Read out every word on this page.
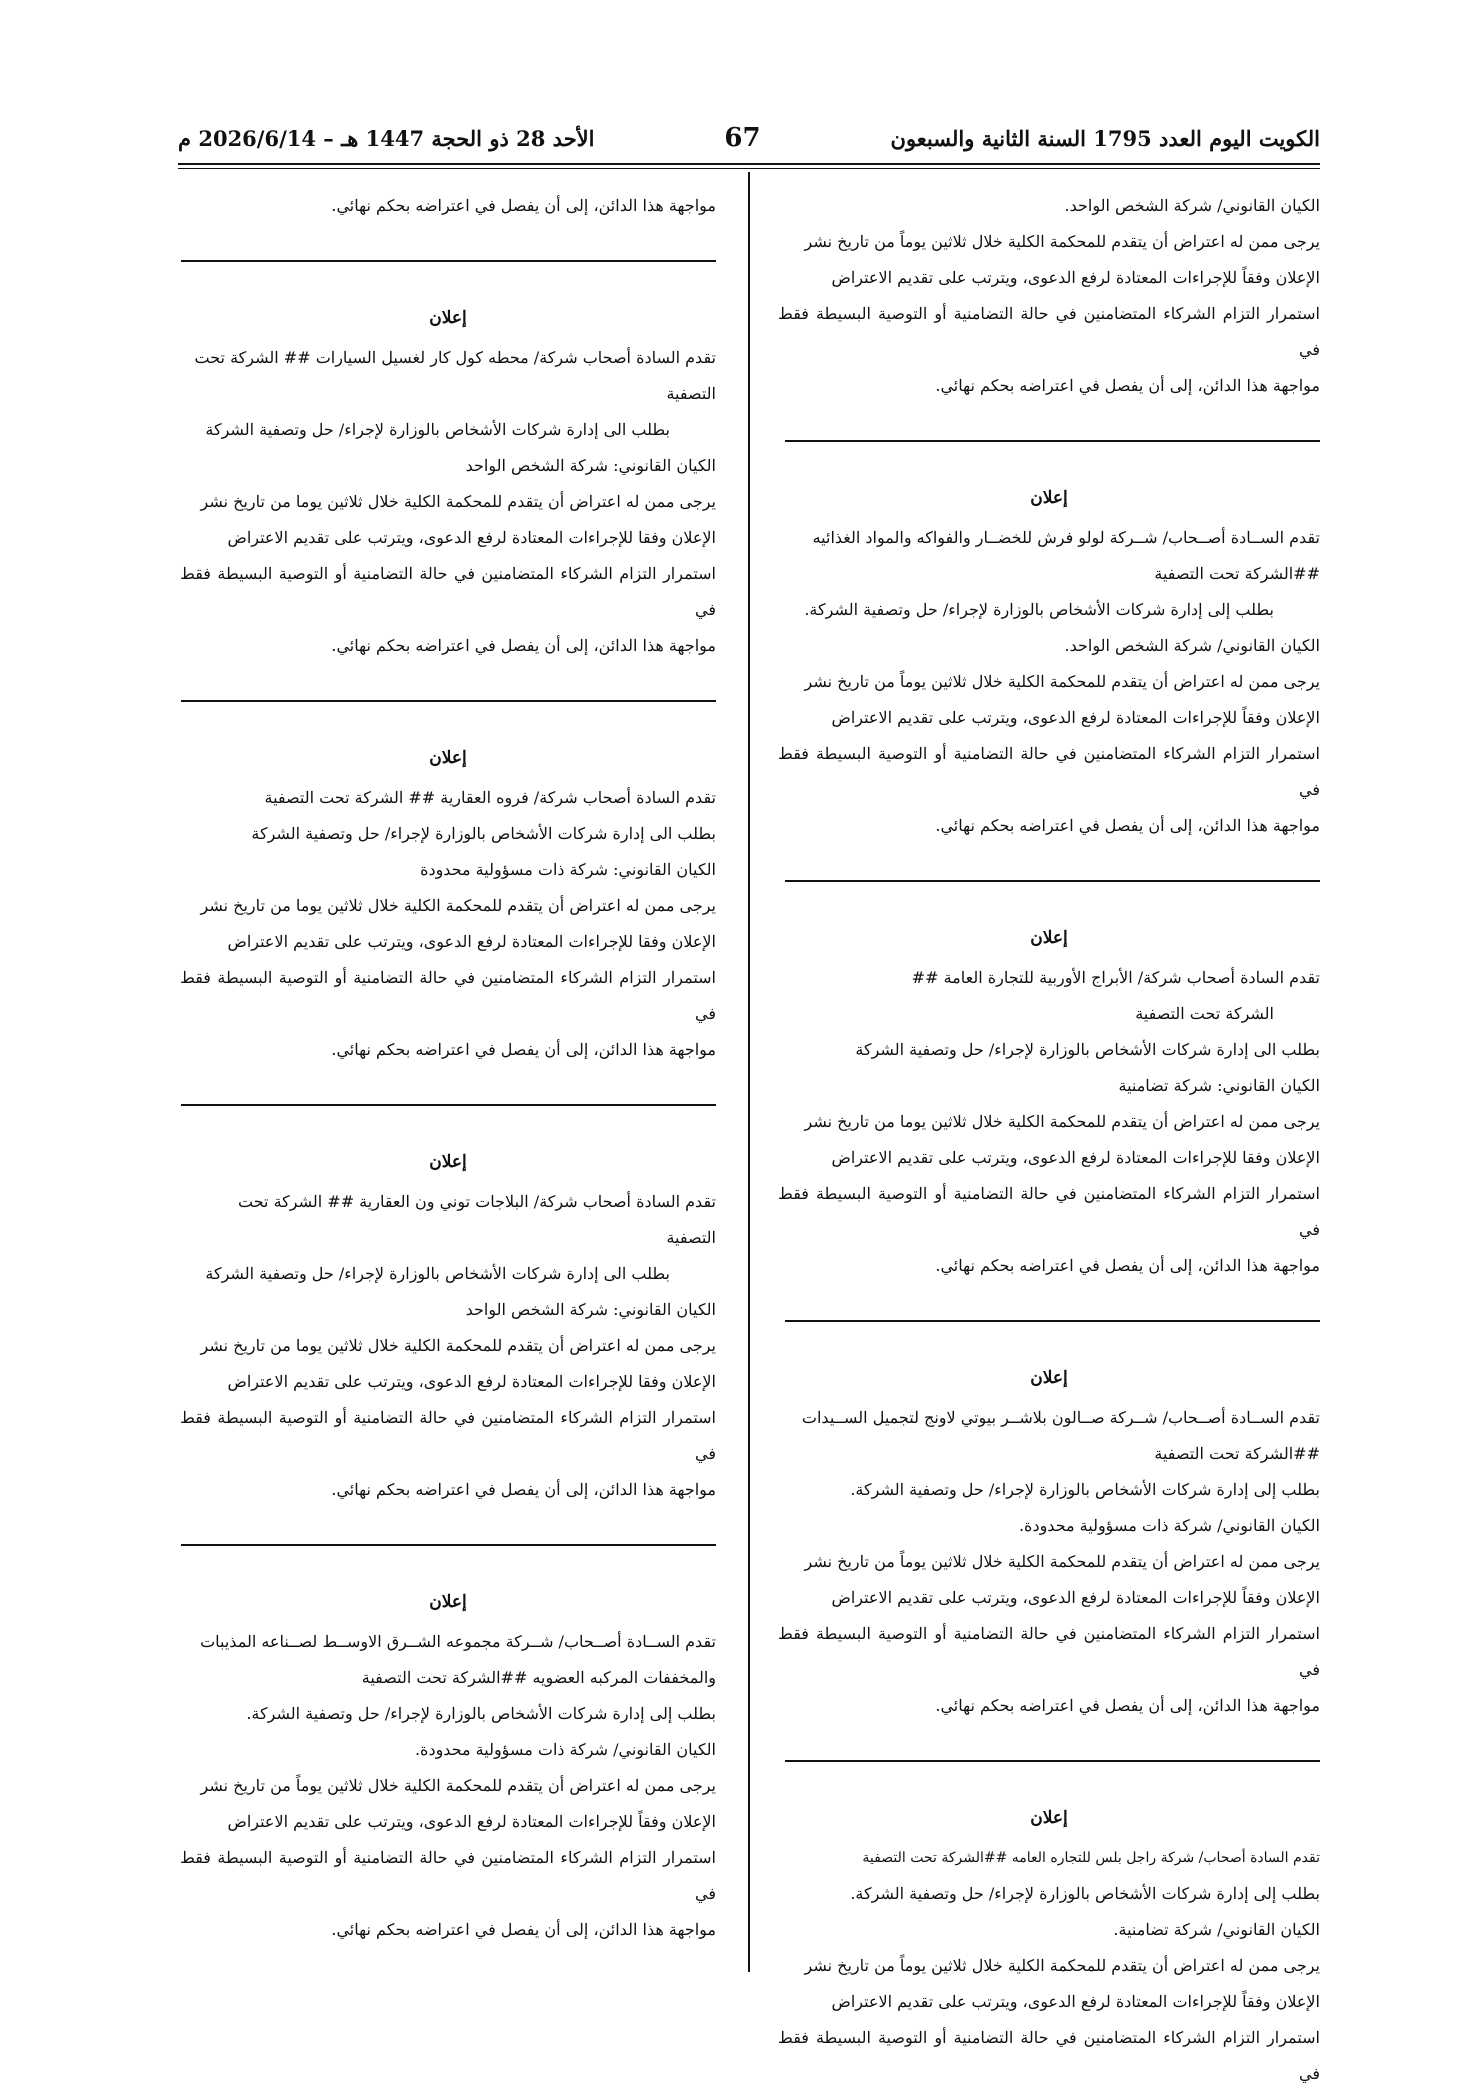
الكويت اليوم العدد 1795 السنة الثانية والسبعون
67
الأحد 28 ذو الحجة 1447 هـ – 2026/6/14 م

الكيان القانوني/ شركة الشخص الواحد.

يرجى ممن له اعتراض أن يتقدم للمحكمة الكلية خلال ثلاثين يوماً من تاريخ نشر

الإعلان وفقاً للإجراءات المعتادة لرفع الدعوى، ويترتب على تقديم الاعتراض

استمرار التزام الشركاء المتضامنين في حالة التضامنية أو التوصية البسيطة فقط في

مواجهة هذا الدائن، إلى أن يفصل في اعتراضه بحكم نهائي.

إعلان

تقدم الســادة أصــحاب/ شــركة لولو فرش للخضــار والفواكه والمواد الغذائيه

##الشركة تحت التصفية

بطلب إلى إدارة شركات الأشخاص بالوزارة لإجراء/ حل وتصفية الشركة.

الكيان القانوني/ شركة الشخص الواحد.

يرجى ممن له اعتراض أن يتقدم للمحكمة الكلية خلال ثلاثين يوماً من تاريخ نشر

الإعلان وفقاً للإجراءات المعتادة لرفع الدعوى، ويترتب على تقديم الاعتراض

استمرار التزام الشركاء المتضامنين في حالة التضامنية أو التوصية البسيطة فقط في

مواجهة هذا الدائن، إلى أن يفصل في اعتراضه بحكم نهائي.

إعلان

تقدم السادة أصحاب شركة/ الأبراج الأوربية للتجارة العامة ##

الشركة تحت التصفية

بطلب الى إدارة شركات الأشخاص بالوزارة لإجراء/ حل وتصفية الشركة

الكيان القانوني: شركة تضامنية

يرجى ممن له اعتراض أن يتقدم للمحكمة الكلية خلال ثلاثين يوما من تاريخ نشر

الإعلان وفقا للإجراءات المعتادة لرفع الدعوى، ويترتب على تقديم الاعتراض

استمرار التزام الشركاء المتضامنين في حالة التضامنية أو التوصية البسيطة فقط في

مواجهة هذا الدائن، إلى أن يفصل في اعتراضه بحكم نهائي.

إعلان

تقدم الســادة أصــحاب/ شــركة صــالون بلاشــر بيوتي لاونج لتجميل الســيدات

##الشركة تحت التصفية

بطلب إلى إدارة شركات الأشخاص بالوزارة لإجراء/ حل وتصفية الشركة.

الكيان القانوني/ شركة ذات مسؤولية محدودة.

يرجى ممن له اعتراض أن يتقدم للمحكمة الكلية خلال ثلاثين يوماً من تاريخ نشر

الإعلان وفقاً للإجراءات المعتادة لرفع الدعوى، ويترتب على تقديم الاعتراض

استمرار التزام الشركاء المتضامنين في حالة التضامنية أو التوصية البسيطة فقط في

مواجهة هذا الدائن، إلى أن يفصل في اعتراضه بحكم نهائي.

إعلان

تقدم السادة أصحاب/ شركة راجل بلس للتجاره العامه ##الشركة تحت التصفية

بطلب إلى إدارة شركات الأشخاص بالوزارة لإجراء/ حل وتصفية الشركة.

الكيان القانوني/ شركة تضامنية.

يرجى ممن له اعتراض أن يتقدم للمحكمة الكلية خلال ثلاثين يوماً من تاريخ نشر

الإعلان وفقاً للإجراءات المعتادة لرفع الدعوى، ويترتب على تقديم الاعتراض

استمرار التزام الشركاء المتضامنين في حالة التضامنية أو التوصية البسيطة فقط في

مواجهة هذا الدائن، إلى أن يفصل في اعتراضه بحكم نهائي.

إعلان

تقدم السادة أصحاب شركة/ محطه كول كار لغسيل السيارات ## الشركة تحت

التصفية

بطلب الى إدارة شركات الأشخاص بالوزارة لإجراء/ حل وتصفية الشركة

الكيان القانوني: شركة الشخص الواحد

يرجى ممن له اعتراض أن يتقدم للمحكمة الكلية خلال ثلاثين يوما من تاريخ نشر

الإعلان وفقا للإجراءات المعتادة لرفع الدعوى، ويترتب على تقديم الاعتراض

استمرار التزام الشركاء المتضامنين في حالة التضامنية أو التوصية البسيطة فقط في

مواجهة هذا الدائن، إلى أن يفصل في اعتراضه بحكم نهائي.

إعلان

تقدم السادة أصحاب شركة/ فروه العقارية ## الشركة تحت التصفية

بطلب الى إدارة شركات الأشخاص بالوزارة لإجراء/ حل وتصفية الشركة

الكيان القانوني: شركة ذات مسؤولية محدودة

يرجى ممن له اعتراض أن يتقدم للمحكمة الكلية خلال ثلاثين يوما من تاريخ نشر

الإعلان وفقا للإجراءات المعتادة لرفع الدعوى، ويترتب على تقديم الاعتراض

استمرار التزام الشركاء المتضامنين في حالة التضامنية أو التوصية البسيطة فقط في

مواجهة هذا الدائن، إلى أن يفصل في اعتراضه بحكم نهائي.

إعلان

تقدم السادة أصحاب شركة/ البلاجات توني ون العقارية ## الشركة تحت

التصفية

بطلب الى إدارة شركات الأشخاص بالوزارة لإجراء/ حل وتصفية الشركة

الكيان القانوني: شركة الشخص الواحد

يرجى ممن له اعتراض أن يتقدم للمحكمة الكلية خلال ثلاثين يوما من تاريخ نشر

الإعلان وفقا للإجراءات المعتادة لرفع الدعوى، ويترتب على تقديم الاعتراض

استمرار التزام الشركاء المتضامنين في حالة التضامنية أو التوصية البسيطة فقط في

مواجهة هذا الدائن، إلى أن يفصل في اعتراضه بحكم نهائي.

إعلان

تقدم الســادة أصــحاب/ شــركة مجموعه الشــرق الاوســط لصــناعه المذيبات

والمخففات المركبه العضويه ##الشركة تحت التصفية

بطلب إلى إدارة شركات الأشخاص بالوزارة لإجراء/ حل وتصفية الشركة.

الكيان القانوني/ شركة ذات مسؤولية محدودة.

يرجى ممن له اعتراض أن يتقدم للمحكمة الكلية خلال ثلاثين يوماً من تاريخ نشر

الإعلان وفقاً للإجراءات المعتادة لرفع الدعوى، ويترتب على تقديم الاعتراض

استمرار التزام الشركاء المتضامنين في حالة التضامنية أو التوصية البسيطة فقط في

مواجهة هذا الدائن، إلى أن يفصل في اعتراضه بحكم نهائي.
